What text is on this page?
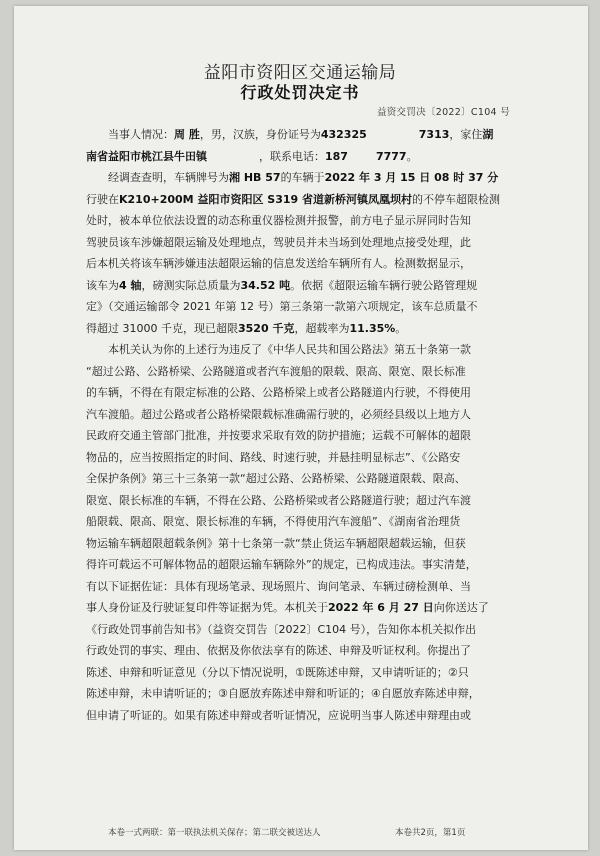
益阳市资阳区交通运输局
行政处罚决定书
益资交罚决〔2022〕C104 号
当事人情况：周 胜，男，汉族，身份证号为432325	7313，家住湖
南省益阳市桃江县牛田镇	，联系电话：187	7777。
经调查查明，车辆牌号为湘 HB 57的车辆于2022 年 3 月 15 日 08 时 37 分
行驶在K210+200M 益阳市资阳区 S319 省道新桥河镇凤凰坝村的不停车超限检测
处时，被本单位依法设置的动态称重仪器检测并报警，前方电子显示屏同时告知
驾驶员该车涉嫌超限运输及处理地点，驾驶员并未当场到处理地点接受处理，此
后本机关将该车辆涉嫌违法超限运输的信息发送给车辆所有人。检测数据显示，
该车为4 轴，磅测实际总质量为34.52 吨。依据《超限运输车辆行驶公路管理规
定》（交通运输部令 2021 年第 12 号）第三条第一款第六项规定，该车总质量不
得超过 31000 千克，现已超限3520 千克，超载率为11.35%。
本机关认为你的上述行为违反了《中华人民共和国公路法》第五十条第一款
“超过公路、公路桥梁、公路隧道或者汽车渡船的限载、限高、限宽、限长标准
的车辆，不得在有限定标准的公路、公路桥梁上或者公路隧道内行驶，不得使用
汽车渡船。超过公路或者公路桥梁限载标准确需行驶的，必须经县级以上地方人
民政府交通主管部门批准，并按要求采取有效的防护措施；运载不可解体的超限
物品的，应当按照指定的时间、路线、时速行驶，并悬挂明显标志”、《公路安
全保护条例》第三十三条第一款“超过公路、公路桥梁、公路隧道限载、限高、
限宽、限长标准的车辆，不得在公路、公路桥梁或者公路隧道行驶；超过汽车渡
船限载、限高、限宽、限长标准的车辆，不得使用汽车渡船”、《湖南省治理货
物运输车辆超限超载条例》第十七条第一款“禁止货运车辆超限超载运输，但获
得许可载运不可解体物品的超限运输车辆除外”的规定，已构成违法。事实清楚，
有以下证据佐证：具体有现场笔录、现场照片、询问笔录、车辆过磅检测单、当
事人身份证及行驶证复印件等证据为凭。本机关于2022 年 6 月 27 日向你送达了
《行政处罚事前告知书》（益资交罚告〔2022〕C104 号），告知你本机关拟作出
行政处罚的事实、理由、依据及你依法享有的陈述、申辩及听证权利。你提出了
陈述、申辩和听证意见（分以下情况说明，①既陈述申辩，又申请听证的；②只
陈述申辩，未申请听证的；③自愿放弃陈述申辩和听证的；④自愿放弃陈述申辩，
但申请了听证的。如果有陈述申辩或者听证情况，应说明当事人陈述申辩理由或
本卷一式两联：第一联执法机关保存；第二联交被送达人	本卷共2页，第1页
